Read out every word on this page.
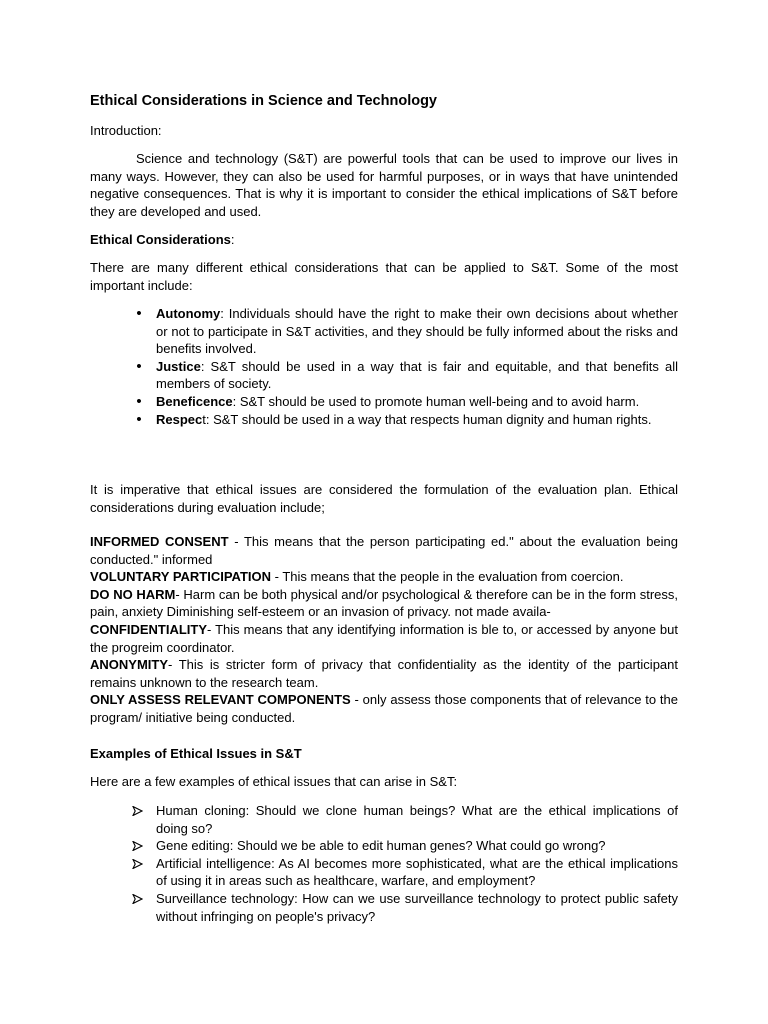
Ethical Considerations in Science and Technology

Introduction:

Science and technology (S&T) are powerful tools that can be used to improve our lives in many ways. However, they can also be used for harmful purposes, or in ways that have unintended negative consequences. That is why it is important to consider the ethical implications of S&T before they are developed and used.

Ethical Considerations:

There are many different ethical considerations that can be applied to S&T. Some of the most important include:

•	Autonomy: Individuals should have the right to make their own decisions about whether or not to participate in S&T activities, and they should be fully informed about the risks and benefits involved.
•	Justice: S&T should be used in a way that is fair and equitable, and that benefits all members of society.
•	Beneficence: S&T should be used to promote human well-being and to avoid harm.
•	Respect: S&T should be used in a way that respects human dignity and human rights.

It is imperative that ethical issues are considered the formulation of the evaluation plan. Ethical considerations during evaluation include;

INFORMED CONSENT - This means that the person participating ed." about the evaluation being conducted." informed

VOLUNTARY PARTICIPATION - This means that the people in the evaluation from coercion.

DO NO HARM- Harm can be both physical and/or psychological & therefore can be in the form stress, pain, anxiety Diminishing self-esteem or an invasion of privacy. not made availa-

CONFIDENTIALITY- This means that any identifying information is ble to, or accessed by anyone but the progreim coordinator.

ANONYMITY- This is stricter form of privacy that confidentiality as the identity of the participant remains unknown to the research team.

ONLY ASSESS RELEVANT COMPONENTS - only assess those components that of relevance to the program/ initiative being conducted.

Examples of Ethical Issues in S&T

Here are a few examples of ethical issues that can arise in S&T:

Human cloning: Should we clone human beings? What are the ethical implications of doing so?
Gene editing: Should we be able to edit human genes? What could go wrong?
Artificial intelligence: As AI becomes more sophisticated, what are the ethical implications of using it in areas such as healthcare, warfare, and employment?
Surveillance technology: How can we use surveillance technology to protect public safety without infringing on people's privacy?
